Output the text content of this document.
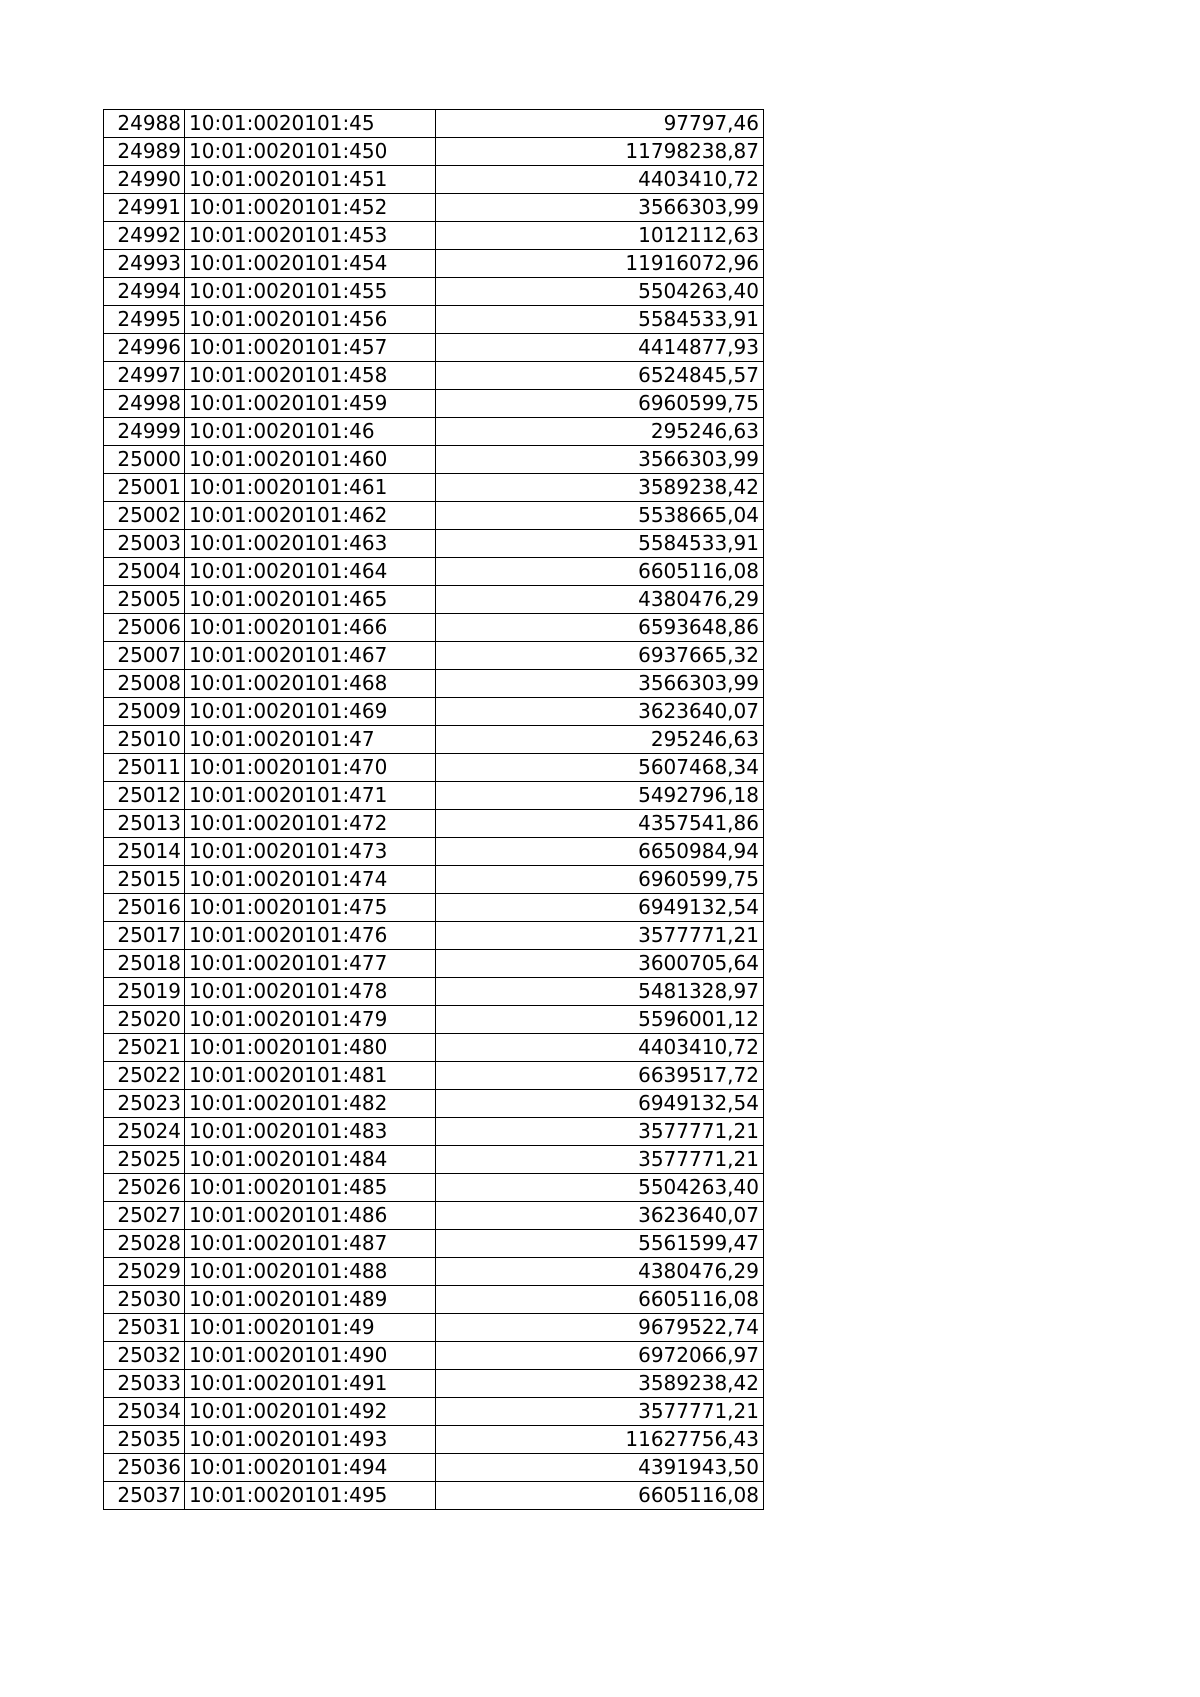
24988	10:01:0020101:45	97797,46
24989	10:01:0020101:450	11798238,87
24990	10:01:0020101:451	4403410,72
24991	10:01:0020101:452	3566303,99
24992	10:01:0020101:453	1012112,63
24993	10:01:0020101:454	11916072,96
24994	10:01:0020101:455	5504263,40
24995	10:01:0020101:456	5584533,91
24996	10:01:0020101:457	4414877,93
24997	10:01:0020101:458	6524845,57
24998	10:01:0020101:459	6960599,75
24999	10:01:0020101:46	295246,63
25000	10:01:0020101:460	3566303,99
25001	10:01:0020101:461	3589238,42
25002	10:01:0020101:462	5538665,04
25003	10:01:0020101:463	5584533,91
25004	10:01:0020101:464	6605116,08
25005	10:01:0020101:465	4380476,29
25006	10:01:0020101:466	6593648,86
25007	10:01:0020101:467	6937665,32
25008	10:01:0020101:468	3566303,99
25009	10:01:0020101:469	3623640,07
25010	10:01:0020101:47	295246,63
25011	10:01:0020101:470	5607468,34
25012	10:01:0020101:471	5492796,18
25013	10:01:0020101:472	4357541,86
25014	10:01:0020101:473	6650984,94
25015	10:01:0020101:474	6960599,75
25016	10:01:0020101:475	6949132,54
25017	10:01:0020101:476	3577771,21
25018	10:01:0020101:477	3600705,64
25019	10:01:0020101:478	5481328,97
25020	10:01:0020101:479	5596001,12
25021	10:01:0020101:480	4403410,72
25022	10:01:0020101:481	6639517,72
25023	10:01:0020101:482	6949132,54
25024	10:01:0020101:483	3577771,21
25025	10:01:0020101:484	3577771,21
25026	10:01:0020101:485	5504263,40
25027	10:01:0020101:486	3623640,07
25028	10:01:0020101:487	5561599,47
25029	10:01:0020101:488	4380476,29
25030	10:01:0020101:489	6605116,08
25031	10:01:0020101:49	9679522,74
25032	10:01:0020101:490	6972066,97
25033	10:01:0020101:491	3589238,42
25034	10:01:0020101:492	3577771,21
25035	10:01:0020101:493	11627756,43
25036	10:01:0020101:494	4391943,50
25037	10:01:0020101:495	6605116,08
